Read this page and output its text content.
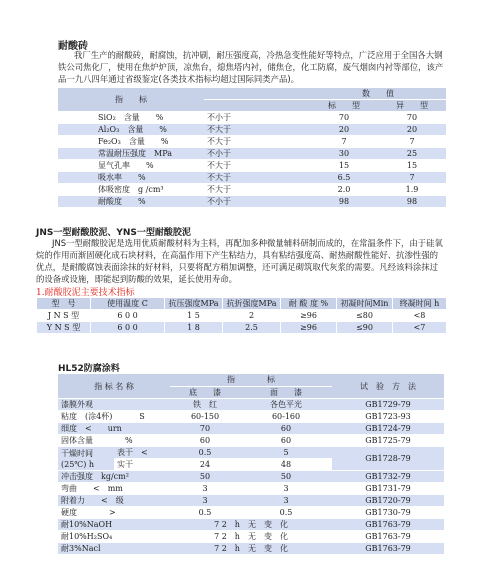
耐酸砖
我厂生产的耐酸砖，耐腐蚀，抗冲刷，耐压强度高，冷热急变性能好等特点，广泛应用于全国各大钢铁公司焦化厂，使用在焦炉炉顶，凉焦台，熄焦塔内衬，储焦仓，化工防腐，废气烟囱内衬等部位，该产品一九八四年通过省级鉴定(各类技术指标均超过国际同类产品)。
指　　标		数　　值	
		标　　型	异　　型
SiO₂　 含量　　%	不小于	70	70
Al₂O₃　 含量　　%	不大于	20	20
Fe₂O₃　 含量　　%	不大于	7	7
常温耐压强度　 MPa	不小于	30	25
显气孔率　　 %	不大于	15	15
吸水率　　 %	不大于	6.5	7
体吸密度　 g /cm³	不大于	2.0	1.9
耐酸度　　 %	不小于	98	98
JNS一型耐酸胶泥、YNS一型耐酸胶泥
JNS一型耐酸胶泥是选用优质耐酸材料为主料，再配加多种微量辅料研制而成的，在常温条件下，由于硅氧烷的作用而渐固硬化成石块材料，在高温作用下产生粘结力，具有粘结强度高、耐热耐酸性能好、抗渗性强的优点，是耐酸腐蚀表面涂抹的好材料，只要将配方稍加调整，还可满足砌筑取代灰浆的需要。凡经该料涂抹过的设备或设施，即能起到防酸的效果，延长使用寿命。
1.耐酸胶泥主要技术指标
型　号	使用温度 C	抗压强度MPa	抗折强度MPa	耐 酸 度 %	初凝时间Min	终凝时间 h
J N S 型	6 0 0	1 5	2	≥96	≤80	<8
Y N S 型	6 0 0	1 8	2.5	≥96	≤90	<7
HL52防腐涂料
指 标 名 称		指　　　　标		试　验　方　法
		底　　漆	面　　漆	
漆膜外观		铁　红	各色平光	GB1729-79
粘度　(涂4杯)	S	60-150	60-160	GB1723-93
细度　<　　urn		70	60	GB1724-79
固体含量　　　　%		60	60	GB1725-79
干燥时间
(25℃) h	表干　<	0.5	5	GB1728-79
	实干	24	48	
冲击强度　kg/cm²		50	50	GB1732-79
弯曲　　<　mm		3	3	GB1731-79
附着力　　<　级		3	3	GB1720-79
硬度　　　　>		0.5	0.5	GB1730-79
耐10%NaOH		7 2　h　无　变　化		GB1763-79
耐10%H₂SO₄		7 2　h　无　变　化		GB1763-79
耐3%Nacl		7 2　h　无　变　化		GB1763-79
